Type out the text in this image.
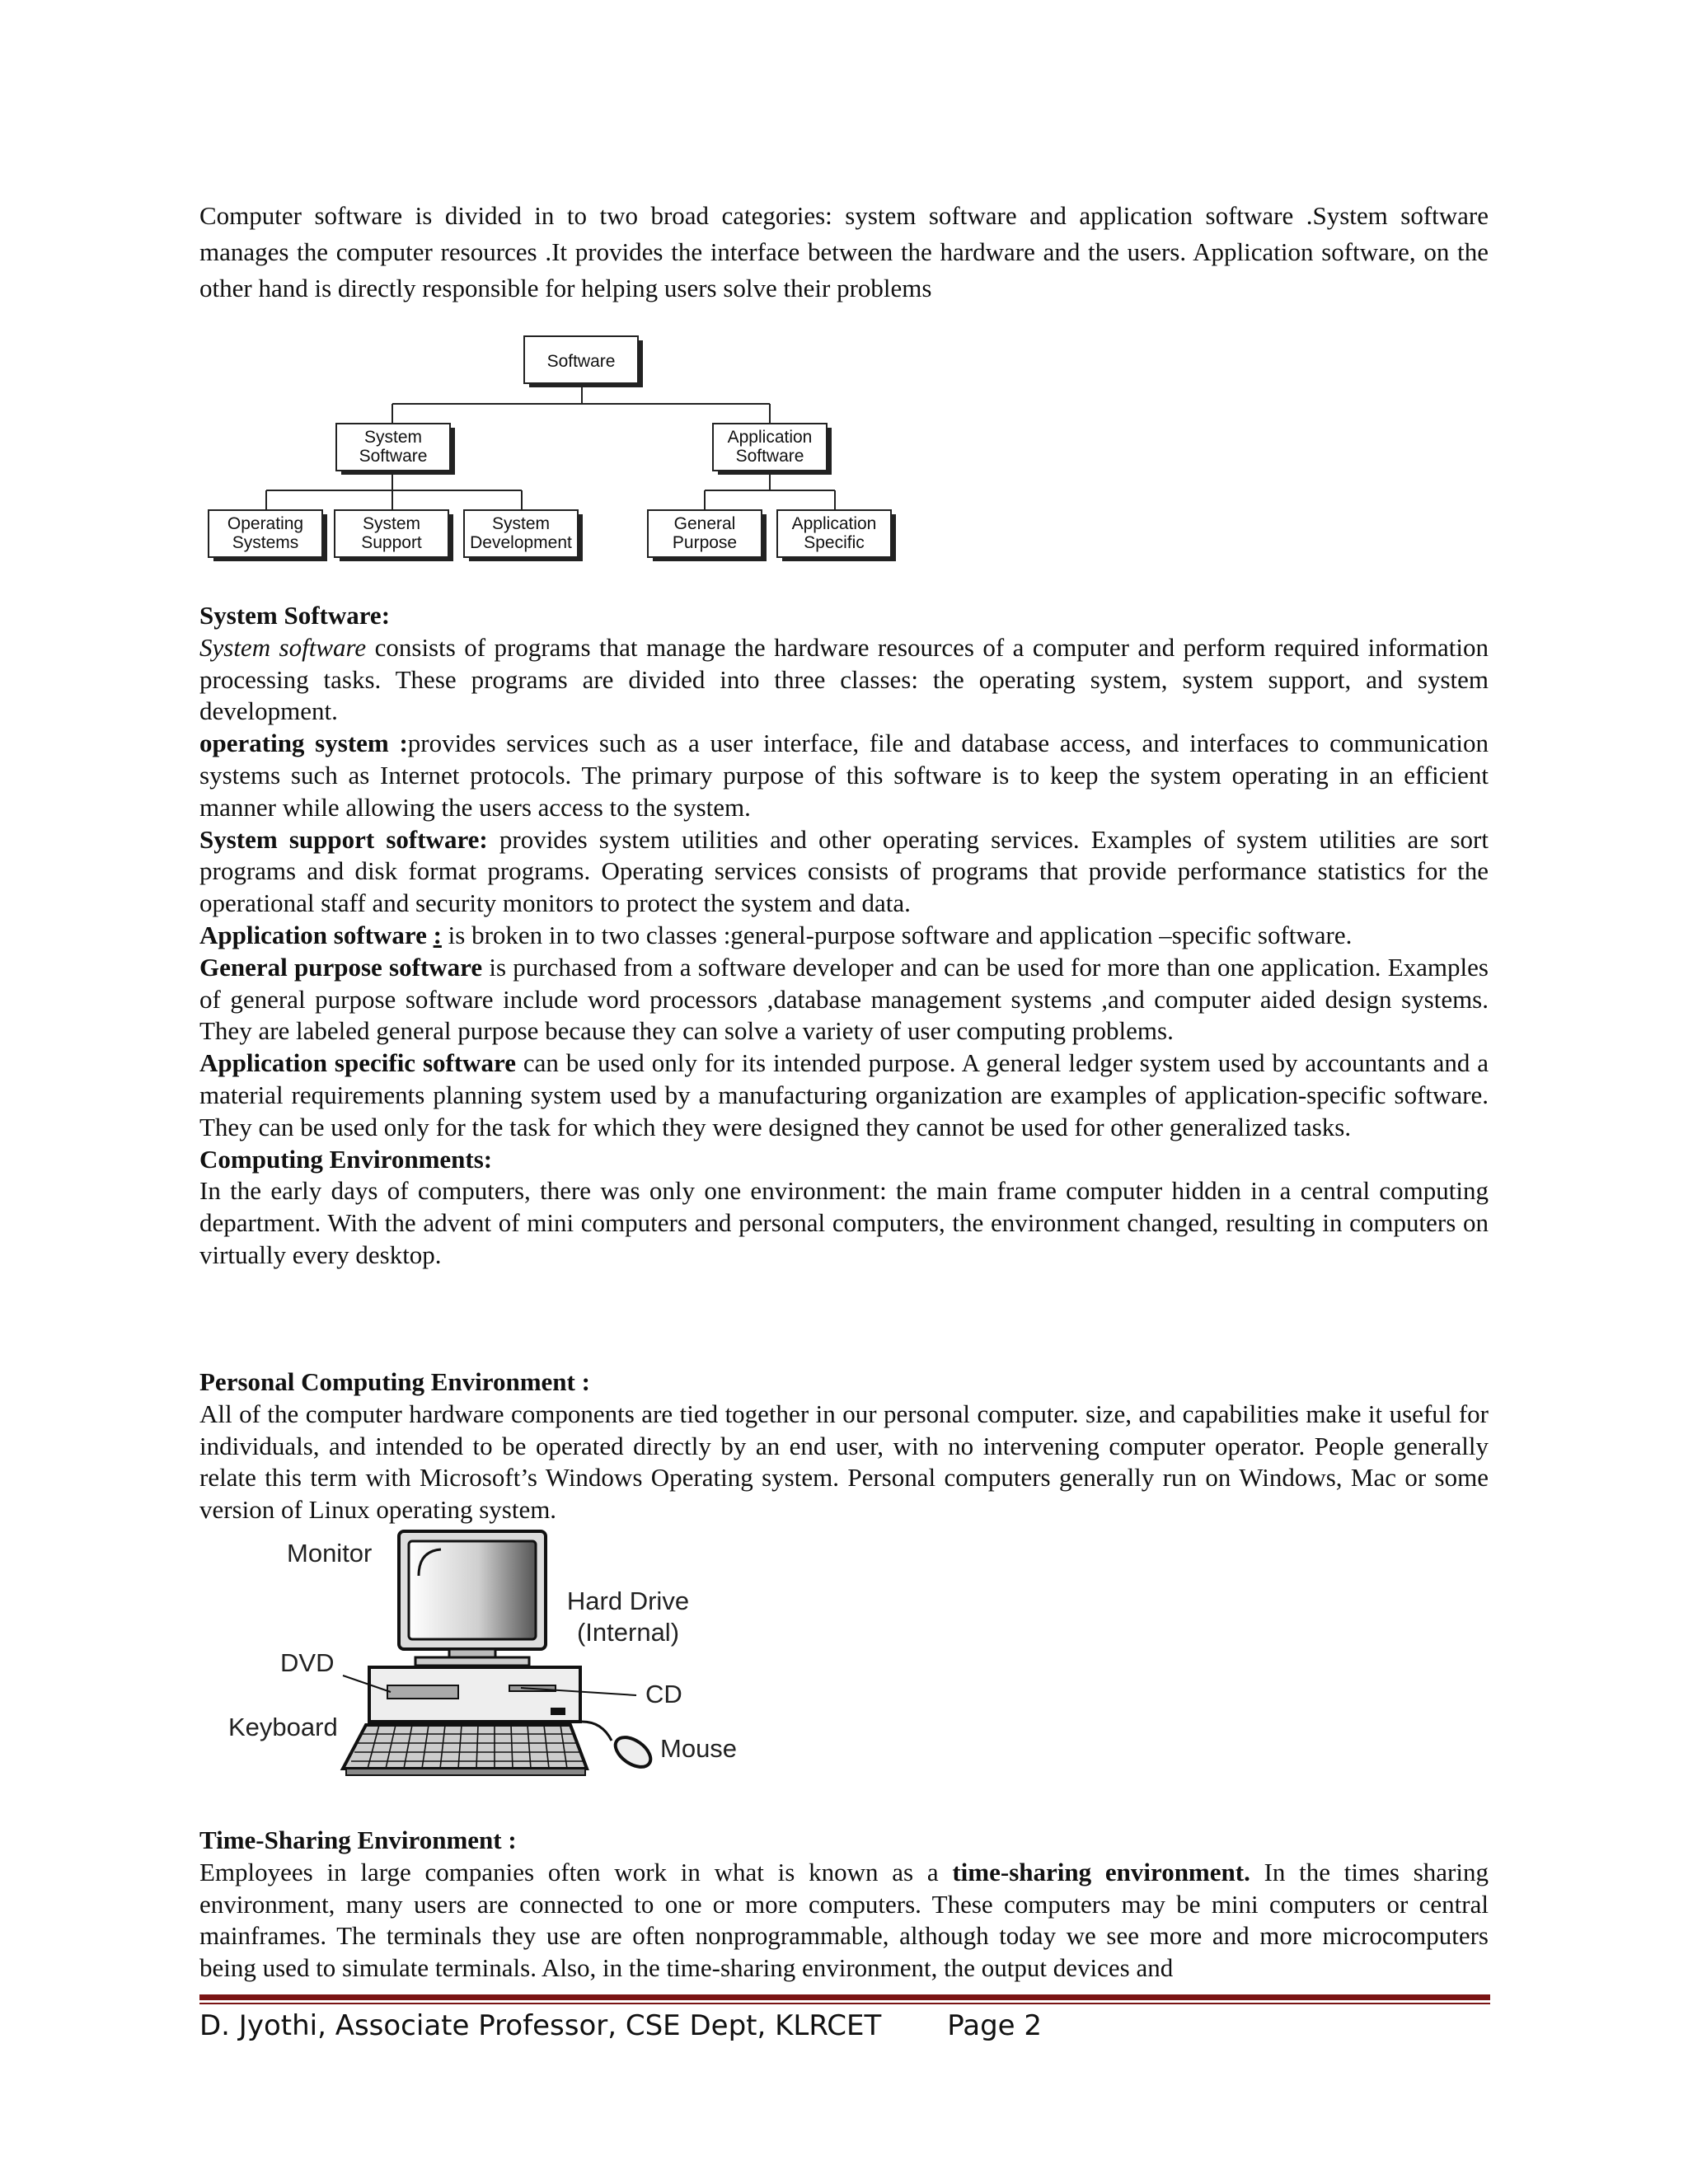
Computer software is divided in to two broad categories: system software and application software .System software manages the computer resources .It provides the interface between the hardware and the users. Application software, on the other hand is directly responsible for helping users solve their problems

Software
System
Software
Application
Software
Operating
Systems
System
Support
System
Development
General
Purpose
Application
Specific

System Software:

System software consists of programs that manage the hardware resources of a computer and perform required information processing tasks. These programs are divided into three classes: the operating system, system support, and system development.

operating system :provides services such as a user interface, file and database access, and interfaces to communication systems such as Internet protocols. The primary purpose of this software is to keep the system operating in an efficient manner while allowing the users access to the system.

System support software: provides system utilities and other operating services. Examples of system utilities are sort programs and disk format programs. Operating services consists of programs that provide performance statistics for the operational staff and security monitors to protect the system and data.

Application software : is broken in to two classes :general-purpose software and application –specific software.

General purpose software is purchased from a software developer and can be used for more than one application. Examples of general purpose software include word processors ,database management systems ,and computer aided design systems. They are labeled general purpose because they can solve a variety of user computing problems.

Application specific software can be used only for its intended purpose. A general ledger system used by accountants and a material requirements planning system used by a manufacturing organization are examples of application-specific software. They can be used only for the task for which they were designed they cannot be used for other generalized tasks.

Computing Environments:

In the early days of computers, there was only one environment: the main frame computer hidden in a central computing department. With the advent of mini computers and personal computers, the environment changed, resulting in computers on virtually every desktop.

Personal Computing Environment :

All of the computer hardware components are tied together in our personal computer. size, and capabilities make it useful for individuals, and intended to be operated directly by an end user, with no intervening computer operator. People generally relate this term with Microsoft’s Windows Operating system. Personal computers generally run on Windows, Mac or some version of Linux operating system.

Monitor
Hard Drive
(Internal)
DVD
CD
Keyboard
Mouse

Time-Sharing Environment :

Employees in large companies often work in what is known as a time-sharing environment. In the times sharing environment, many users are connected to one or more computers. These computers may be mini computers or central mainframes. The terminals they use are often nonprogrammable, although today we see more and more microcomputers being used to simulate terminals. Also, in the time-sharing environment, the output devices and

D. Jyothi, Associate Professor, CSE Dept, KLRCET Page 2
